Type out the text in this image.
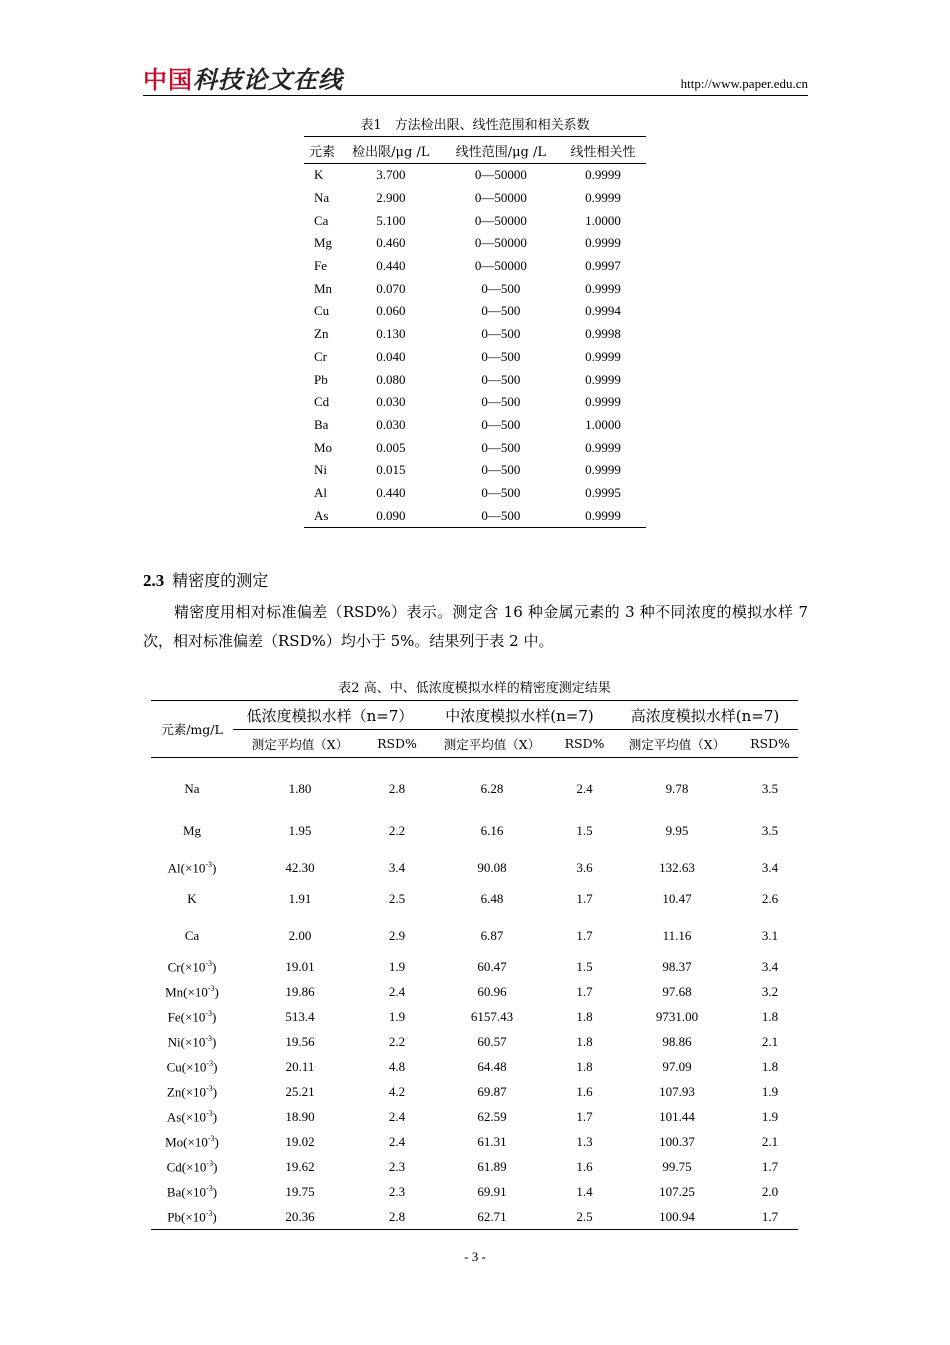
中国科技论文在线	http://www.paper.edu.cn
表1　方法检出限、线性范围和相关系数
元素	检出限/μg /L	线性范围/μg /L	线性相关性
K	3.700	0—50000	0.9999
Na	2.900	0—50000	0.9999
Ca	5.100	0—50000	1.0000
Mg	0.460	0—50000	0.9999
Fe	0.440	0—50000	0.9997
Mn	0.070	0—500	0.9999
Cu	0.060	0—500	0.9994
Zn	0.130	0—500	0.9998
Cr	0.040	0—500	0.9999
Pb	0.080	0—500	0.9999
Cd	0.030	0—500	0.9999
Ba	0.030	0—500	1.0000
Mo	0.005	0—500	0.9999
Ni	0.015	0—500	0.9999
Al	0.440	0—500	0.9995
As	0.090	0—500	0.9999
2.3 精密度的测定
精密度用相对标准偏差（RSD%）表示。测定含 16 种金属元素的 3 种不同浓度的模拟水样 7 次，相对标准偏差（RSD%）均小于 5%。结果列于表 2 中。
表2 高、中、低浓度模拟水样的精密度测定结果
元素/mg/L	低浓度模拟水样（n=7）		中浓度模拟水样(n=7)		高浓度模拟水样(n=7)	
	测定平均值（X）	RSD%	测定平均值（X）	RSD%	测定平均值（X）	RSD%
Na	1.80	2.8	6.28	2.4	9.78	3.5
Mg	1.95	2.2	6.16	1.5	9.95	3.5
$Al(\times 10^{-3})$	42.30	3.4	90.08	3.6	132.63	3.4
K	1.91	2.5	6.48	1.7	10.47	2.6
Ca	2.00	2.9	6.87	1.7	11.16	3.1
$Cr(\times 10^{-3})$	19.01	1.9	60.47	1.5	98.37	3.4
$Mn(\times 10^{-3})$	19.86	2.4	60.96	1.7	97.68	3.2
$Fe(\times 10^{-3})$	513.4	1.9	6157.43	1.8	9731.00	1.8
$Ni(\times 10^{-3})$	19.56	2.2	60.57	1.8	98.86	2.1
$Cu(\times 10^{-3})$	20.11	4.8	64.48	1.8	97.09	1.8
$Zn(\times 10^{-3})$	25.21	4.2	69.87	1.6	107.93	1.9
$As(\times 10^{-3})$	18.90	2.4	62.59	1.7	101.44	1.9
$Mo(\times 10^{-3})$	19.02	2.4	61.31	1.3	100.37	2.1
$Cd(\times 10^{-3})$	19.62	2.3	61.89	1.6	99.75	1.7
$Ba(\times 10^{-3})$	19.75	2.3	69.91	1.4	107.25	2.0
$Pb(\times 10^{-3})$	20.36	2.8	62.71	2.5	100.94	1.7
- 3 -
